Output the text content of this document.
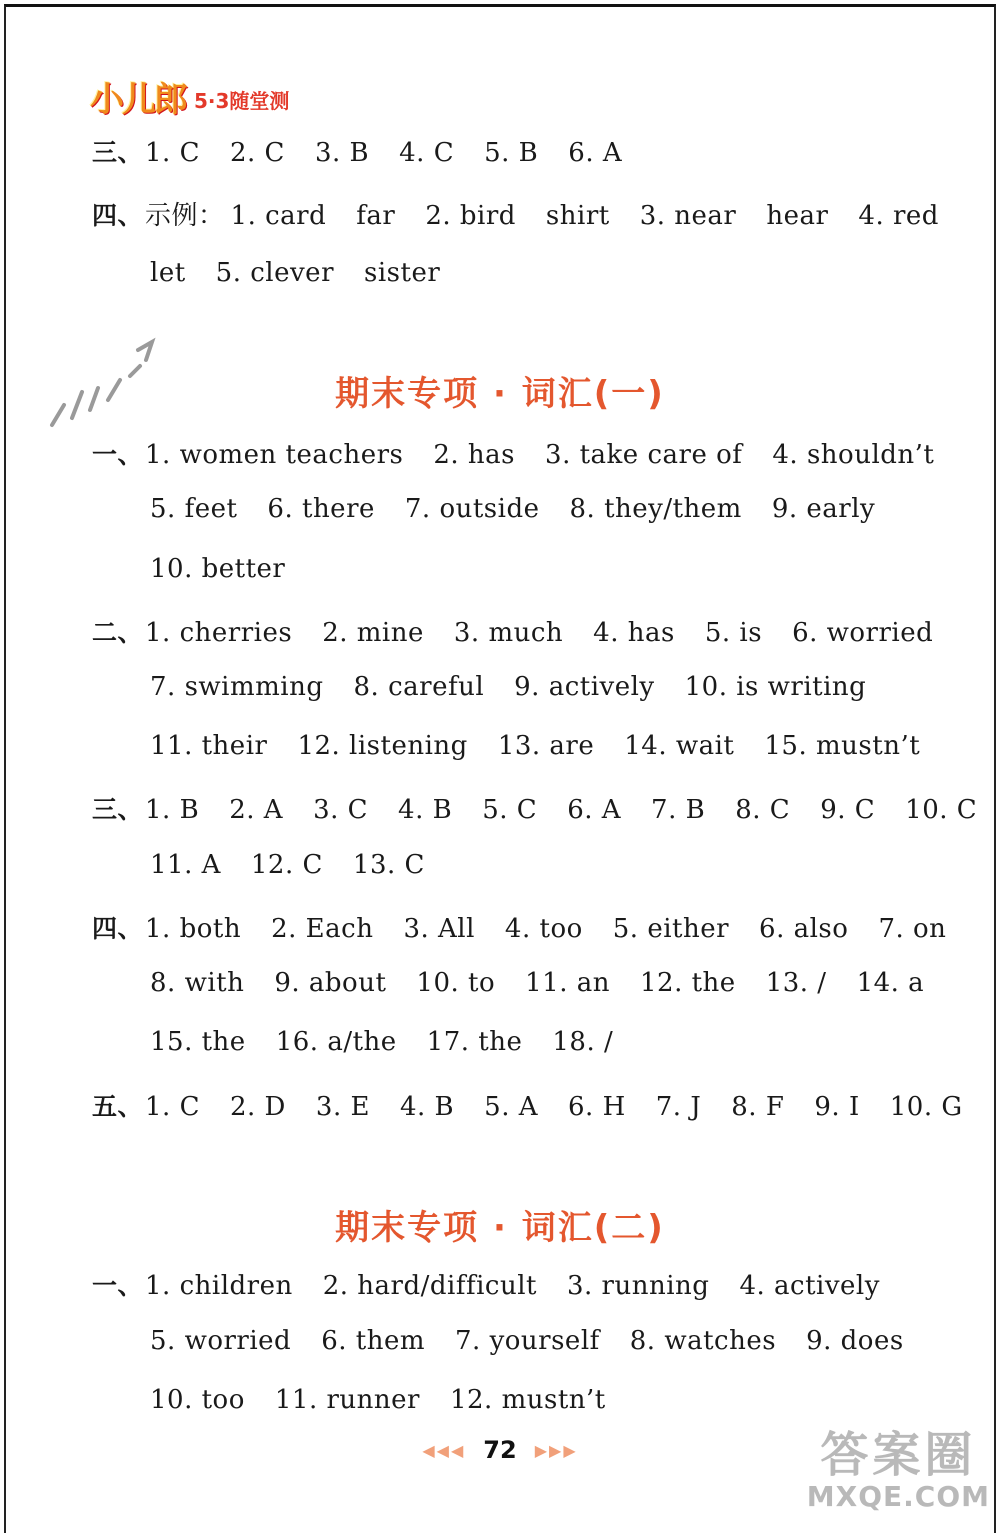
小儿郎 5·3随堂测
三、1. C 2. C 3. B 4. C 5. B 6. A
四、示例： 1. card far 2. bird shirt 3. near hear 4. red
let 5. clever sister
期末专项 · 词汇(一)
一、1. women teachers 2. has 3. take care of 4. shouldn’t
5. feet 6. there 7. outside 8. they/them 9. early
10. better
二、1. cherries 2. mine 3. much 4. has 5. is 6. worried
7. swimming 8. careful 9. actively 10. is writing
11. their 12. listening 13. are 14. wait 15. mustn’t
三、1. B 2. A 3. C 4. B 5. C 6. A 7. B 8. C 9. C 10. C
11. A 12. C 13. C
四、1. both 2. Each 3. All 4. too 5. either 6. also 7. on
8. with 9. about 10. to 11. an 12. the 13. / 14. a
15. the 16. a/the 17. the 18. /
五、1. C 2. D 3. E 4. B 5. A 6. H 7. J 8. F 9. I 10. G
期末专项 · 词汇(二)
一、1. children 2. hard/difficult 3. running 4. actively
5. worried 6. them 7. yourself 8. watches 9. does
10. too 11. runner 12. mustn’t
◀◀◀ 72 ▶▶▶	答案圈
MXQE.COM
